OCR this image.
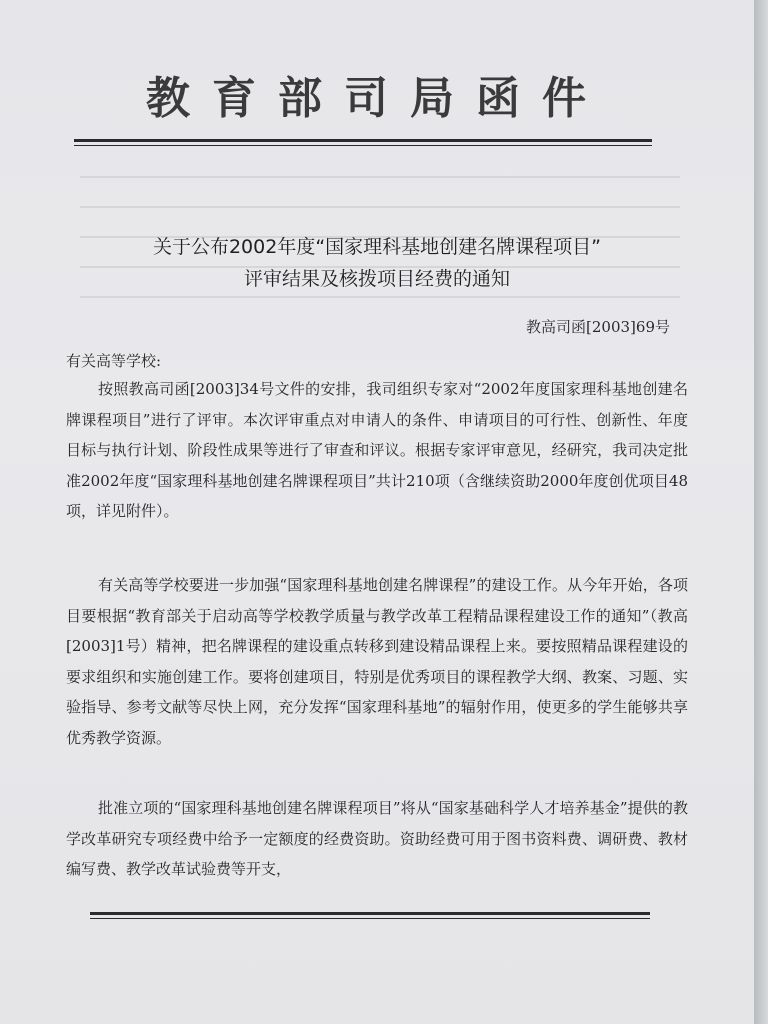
教育部司局函件
关于公布2002年度“国家理科基地创建名牌课程项目”
评审结果及核拨项目经费的通知
教高司函[2003]69号
有关高等学校:

按照教高司函[2003]34号文件的安排，我司组织专家对“2002年度国家理科基地创建名牌课程项目”进行了评审。本次评审重点对申请人的条件、申请项目的可行性、创新性、年度目标与执行计划、阶段性成果等进行了审查和评议。根据专家评审意见，经研究，我司决定批准2002年度“国家理科基地创建名牌课程项目”共计210项（含继续资助2000年度创优项目48项，详见附件）。

有关高等学校要进一步加强“国家理科基地创建名牌课程”的建设工作。从今年开始，各项目要根据“教育部关于启动高等学校教学质量与教学改革工程精品课程建设工作的通知”（教高[2003]1号）精神，把名牌课程的建设重点转移到建设精品课程上来。要按照精品课程建设的要求组织和实施创建工作。要将创建项目，特别是优秀项目的课程教学大纲、教案、习题、实验指导、参考文献等尽快上网，充分发挥“国家理科基地”的辐射作用，使更多的学生能够共享优秀教学资源。

批准立项的“国家理科基地创建名牌课程项目”将从“国家基础科学人才培养基金”提供的教学改革研究专项经费中给予一定额度的经费资助。资助经费可用于图书资料费、调研费、教材编写费、教学改革试验费等开支，
